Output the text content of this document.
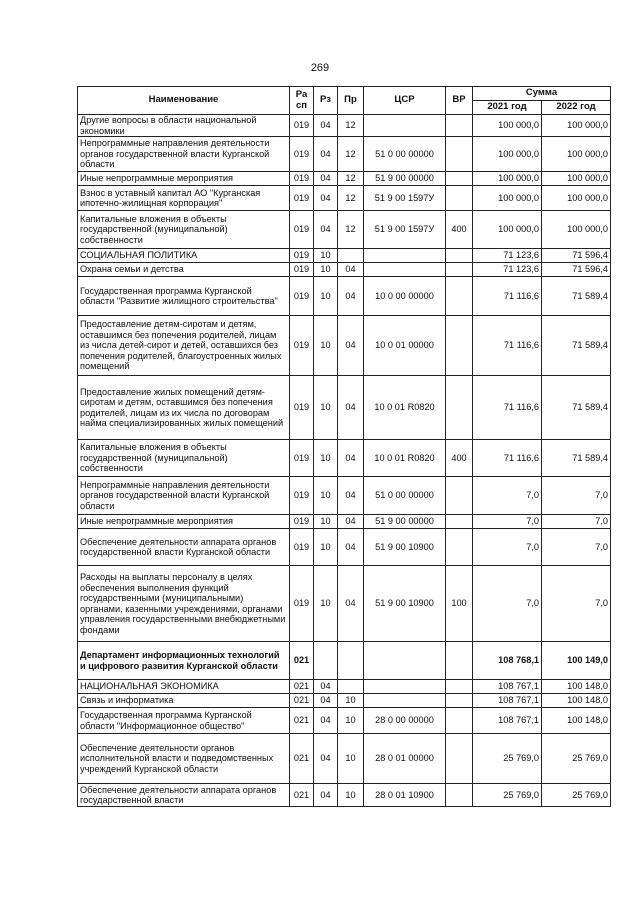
269
Наименование	Ра сп	Рз	Пр	ЦСР	ВР	Сумма	
						2021 год	2022 год
Другие вопросы в области национальной экономики	019	04	12			100 000,0	100 000,0
Непрограммные направления деятельности органов государственной власти Курганской области	019	04	12	51 0 00 00000		100 000,0	100 000,0
Иные непрограммные мероприятия	019	04	12	51 9 00 00000		100 000,0	100 000,0
Взнос в уставный капитал АО "Курганская ипотечно-жилищная корпорация"	019	04	12	51 9 00 1597У		100 000,0	100 000,0
Капитальные вложения в объекты государственной (муниципальной) собственности	019	04	12	51 9 00 1597У	400	100 000,0	100 000,0
СОЦИАЛЬНАЯ ПОЛИТИКА	019	10				71 123,6	71 596,4
Охрана семьи и детства	019	10	04			71 123,6	71 596,4
Государственная программа Курганской области "Развитие жилищного строительства"	019	10	04	10 0 00 00000		71 116,6	71 589,4
Предоставление детям-сиротам и детям, оставшимся без попечения родителей, лицам из числа детей-сирот и детей, оставшихся без попечения родителей, благоустроенных жилых помещений	019	10	04	10 0 01 00000		71 116,6	71 589,4
Предоставление жилых помещений детям-сиротам и детям, оставшимся без попечения родителей, лицам из их числа по договорам найма специализированных жилых помещений	019	10	04	10 0 01 R0820		71 116,6	71 589,4
Капитальные вложения в объекты государственной (муниципальной) собственности	019	10	04	10 0 01 R0820	400	71 116,6	71 589,4
Непрограммные направления деятельности органов государственной власти Курганской области	019	10	04	51 0 00 00000		7,0	7,0
Иные непрограммные мероприятия	019	10	04	51 9 00 00000		7,0	7,0
Обеспечение деятельности аппарата органов государственной власти Курганской области	019	10	04	51 9 00 10900		7,0	7,0
Расходы на выплаты персоналу в целях обеспечения выполнения функций государственными (муниципальными) органами, казенными учреждениями, органами управления государственными внебюджетными фондами	019	10	04	51 9 00 10900	100	7,0	7,0
Департамент информационных технологий и цифрового развития Курганской области	021					108 768,1	100 149,0
НАЦИОНАЛЬНАЯ ЭКОНОМИКА	021	04				108 767,1	100 148,0
Связь и информатика	021	04	10			108 767,1	100 148,0
Государственная программа Курганской области "Информационное общество"	021	04	10	28 0 00 00000		108 767,1	100 148,0
Обеспечение деятельности органов исполнительной власти и подведомственных учреждений Курганской области	021	04	10	28 0 01 00000		25 769,0	25 769,0
Обеспечение деятельности аппарата органов государственной власти	021	04	10	28 0 01 10900		25 769,0	25 769,0
